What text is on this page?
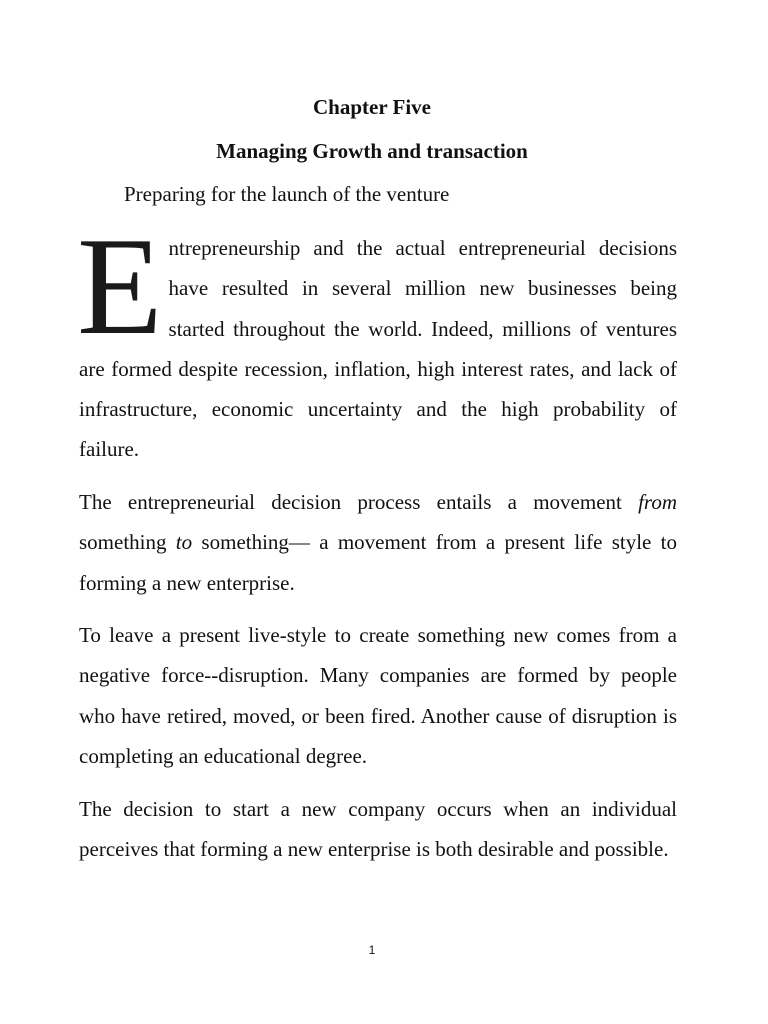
Chapter Five
Managing Growth and transaction

Preparing for the launch of the venture

Entrepreneurship and the actual entrepreneurial decisions have resulted in several million new businesses being started throughout the world. Indeed, millions of ventures are formed despite recession, inflation, high interest rates, and lack of infrastructure, economic uncertainty and the high probability of failure.

The entrepreneurial decision process entails a movement from something to something— a movement from a present life style to forming a new enterprise.

To leave a present live-style to create something new comes from a negative force--disruption. Many companies are formed by people who have retired, moved, or been fired. Another cause of disruption is completing an educational degree.

The decision to start a new company occurs when an individual perceives that forming a new enterprise is both desirable and possible.

1
